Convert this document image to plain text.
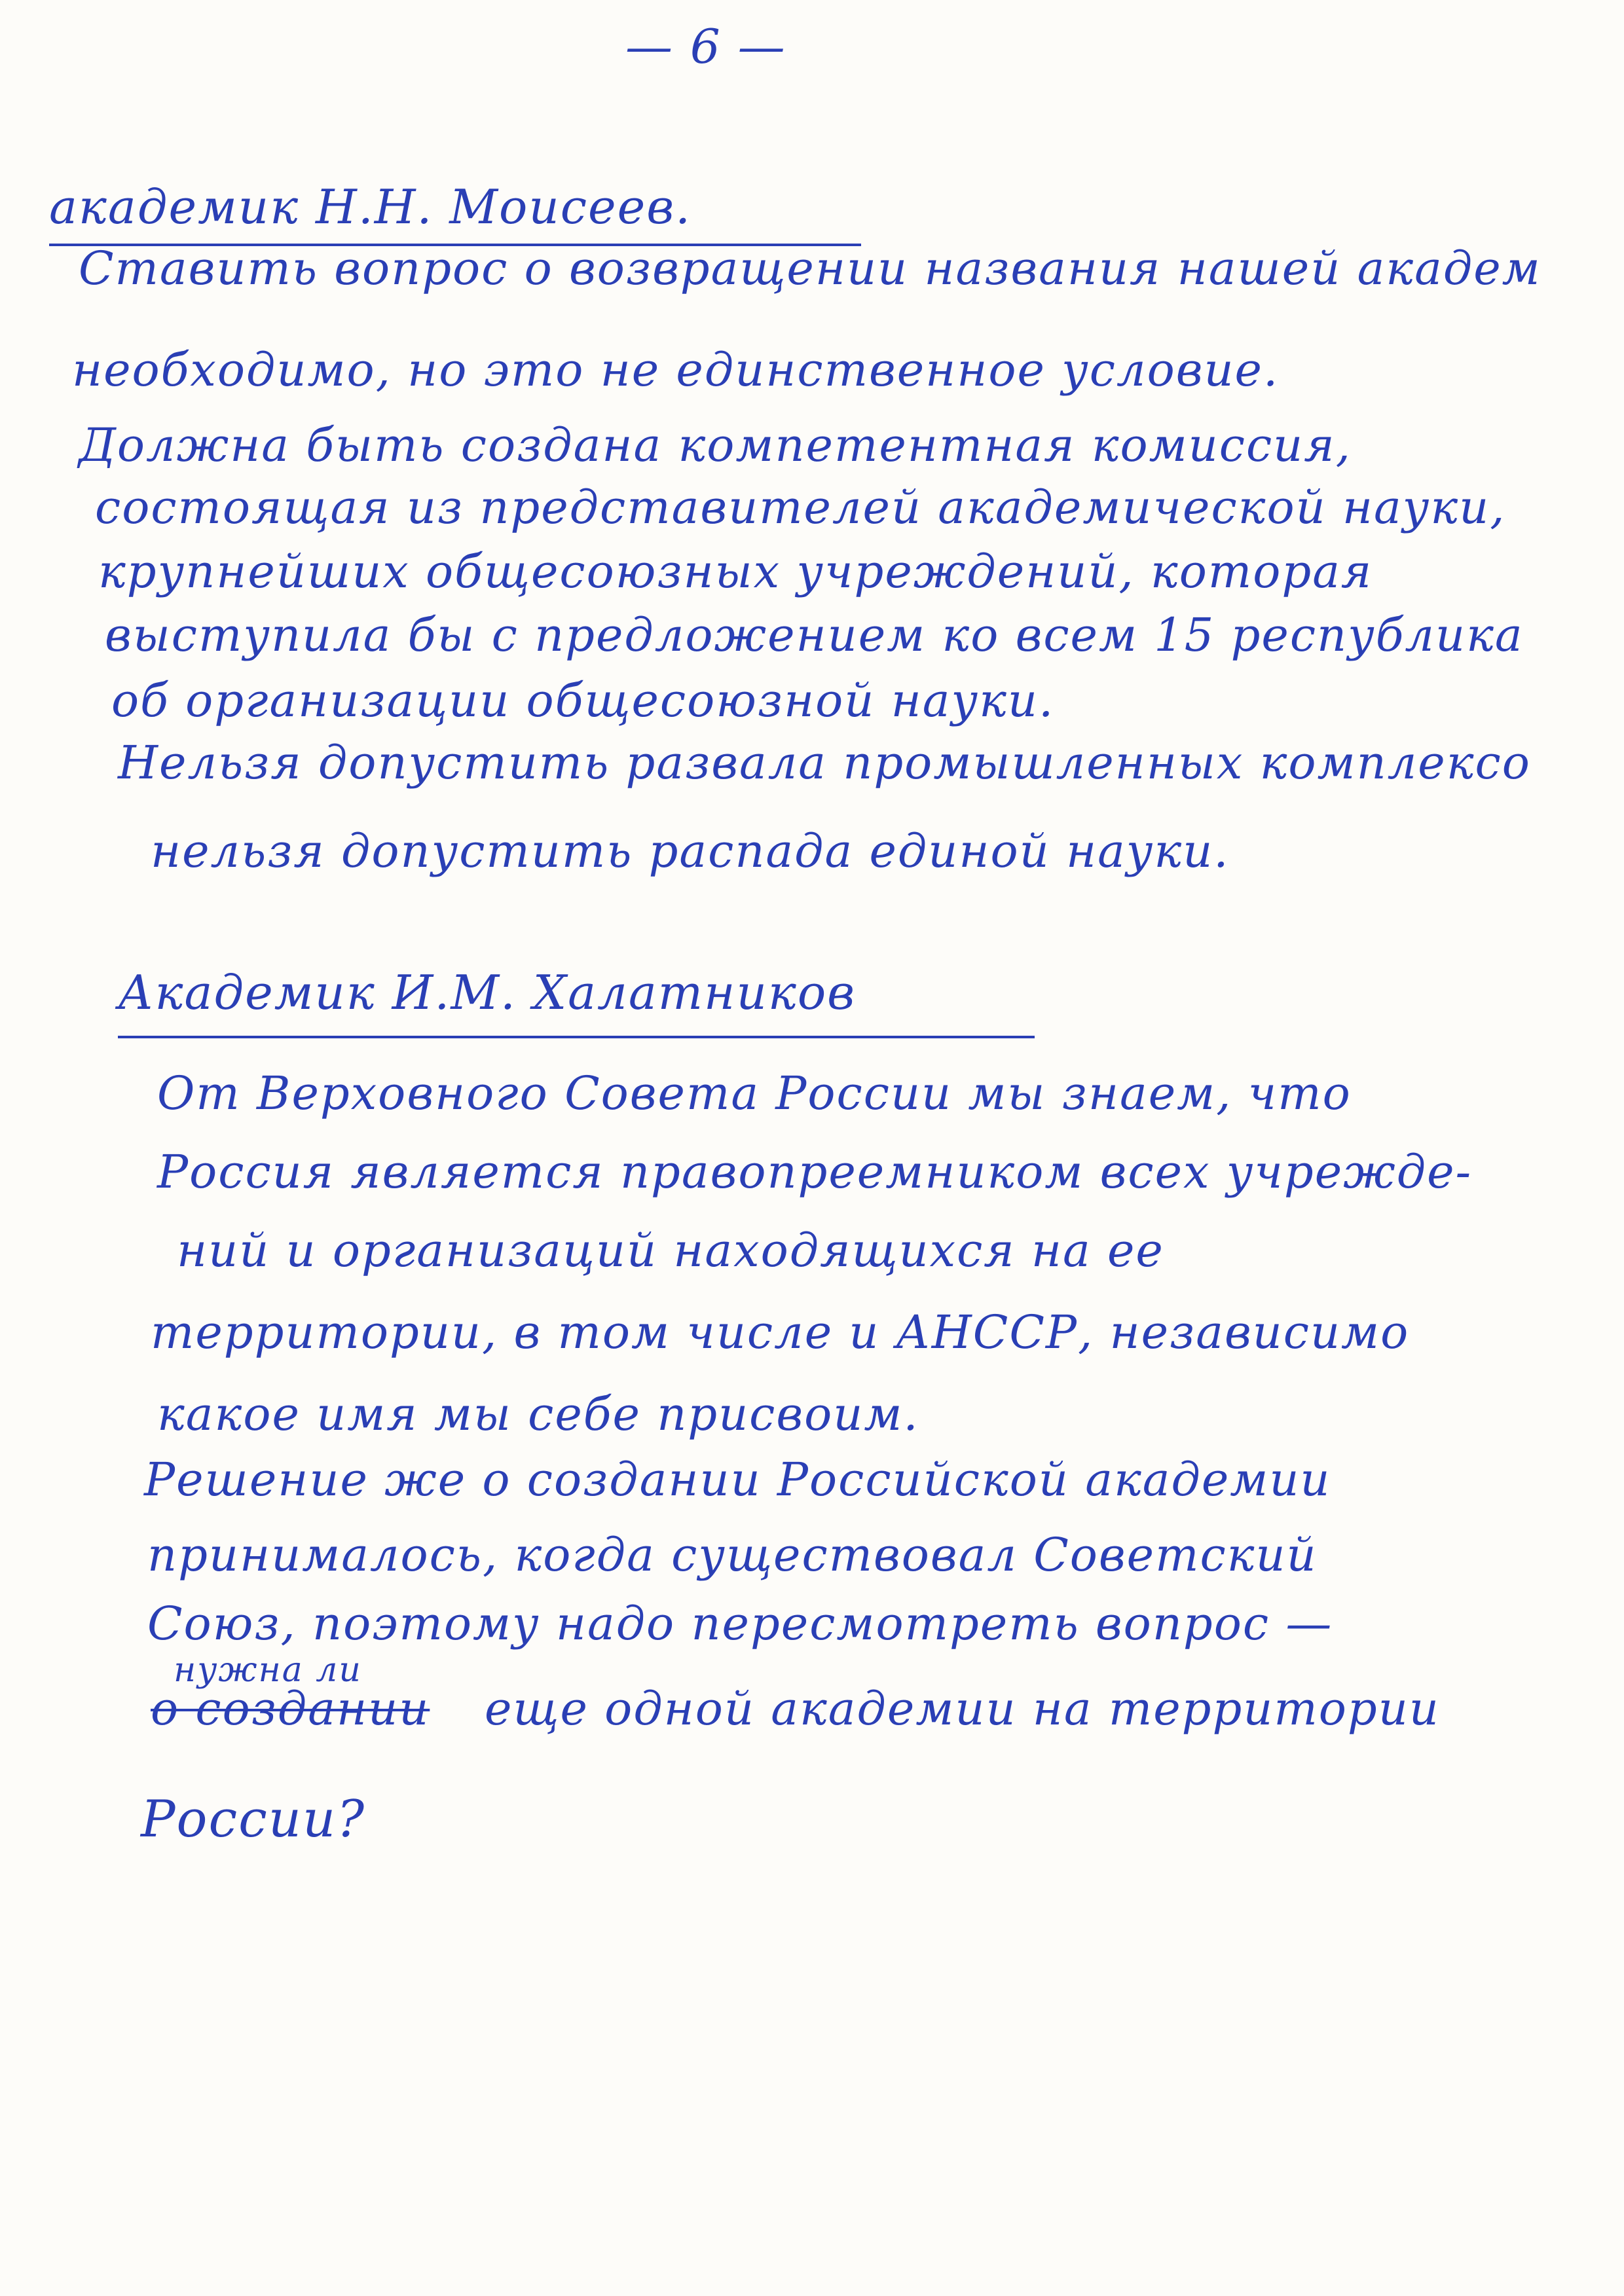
— 6 —
академик Н.Н. Моисеев.
Ставить вопрос о возвращении названия нашей академ
необходимо, но это не единственное условие.
Должна быть создана компетентная комиссия,
состоящая из представителей академической науки,
крупнейших общесоюзных учреждений, которая
выступила бы с предложением ко всем 15 республика
об организации общесоюзной науки.
Нельзя допустить развала промышленных комплексо
нельзя допустить распада единой науки.
Академик И.М. Халатников
От Верховного Совета России мы знаем, что
Россия является правопреемником всех учрежде-
ний и организаций находящихся на ее
территории, в том числе и АНССР, независимо
какое имя мы себе присвоим.
Решение же о создании Российской академии
принималось, когда существовал Советский
Союз, поэтому надо пересмотреть вопрос —
нужна ли
о создании еще одной академии на территории
России?
